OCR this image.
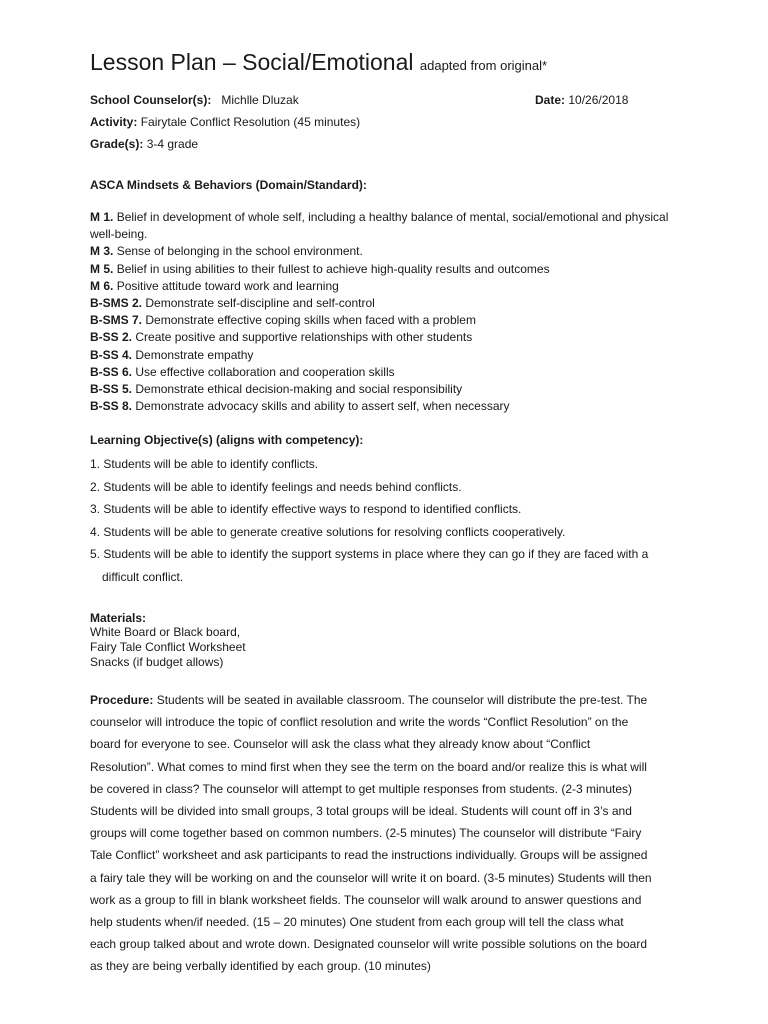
Lesson Plan – Social/Emotional adapted from original*
School Counselor(s): Michlle Dluzak	Date: 10/26/2018
Activity: Fairytale Conflict Resolution (45 minutes)
Grade(s): 3-4 grade
ASCA Mindsets & Behaviors (Domain/Standard):
M 1. Belief in development of whole self, including a healthy balance of mental, social/emotional and physical well-being.
M 3. Sense of belonging in the school environment.
M 5. Belief in using abilities to their fullest to achieve high-quality results and outcomes
M 6. Positive attitude toward work and learning
B-SMS 2. Demonstrate self-discipline and self-control
B-SMS 7. Demonstrate effective coping skills when faced with a problem
B-SS 2. Create positive and supportive relationships with other students
B-SS 4. Demonstrate empathy
B-SS 6. Use effective collaboration and cooperation skills
B-SS 5. Demonstrate ethical decision-making and social responsibility
B-SS 8. Demonstrate advocacy skills and ability to assert self, when necessary
Learning Objective(s) (aligns with competency):
1. Students will be able to identify conflicts.
2. Students will be able to identify feelings and needs behind conflicts.
3. Students will be able to identify effective ways to respond to identified conflicts.
4. Students will be able to generate creative solutions for resolving conflicts cooperatively.
5. Students will be able to identify the support systems in place where they can go if they are faced with a
difficult conflict.
Materials:
White Board or Black board,
Fairy Tale Conflict Worksheet
Snacks (if budget allows)
Procedure: Students will be seated in available classroom. The counselor will distribute the pre-test. The
counselor will introduce the topic of conflict resolution and write the words “Conflict Resolution” on the
board for everyone to see. Counselor will ask the class what they already know about “Conflict
Resolution”. What comes to mind first when they see the term on the board and/or realize this is what will
be covered in class? The counselor will attempt to get multiple responses from students. (2-3 minutes)
Students will be divided into small groups, 3 total groups will be ideal. Students will count off in 3’s and
groups will come together based on common numbers. (2-5 minutes) The counselor will distribute “Fairy
Tale Conflict” worksheet and ask participants to read the instructions individually. Groups will be assigned
a fairy tale they will be working on and the counselor will write it on board. (3-5 minutes) Students will then
work as a group to fill in blank worksheet fields. The counselor will walk around to answer questions and
help students when/if needed. (15 – 20 minutes) One student from each group will tell the class what
each group talked about and wrote down. Designated counselor will write possible solutions on the board
as they are being verbally identified by each group. (10 minutes)
